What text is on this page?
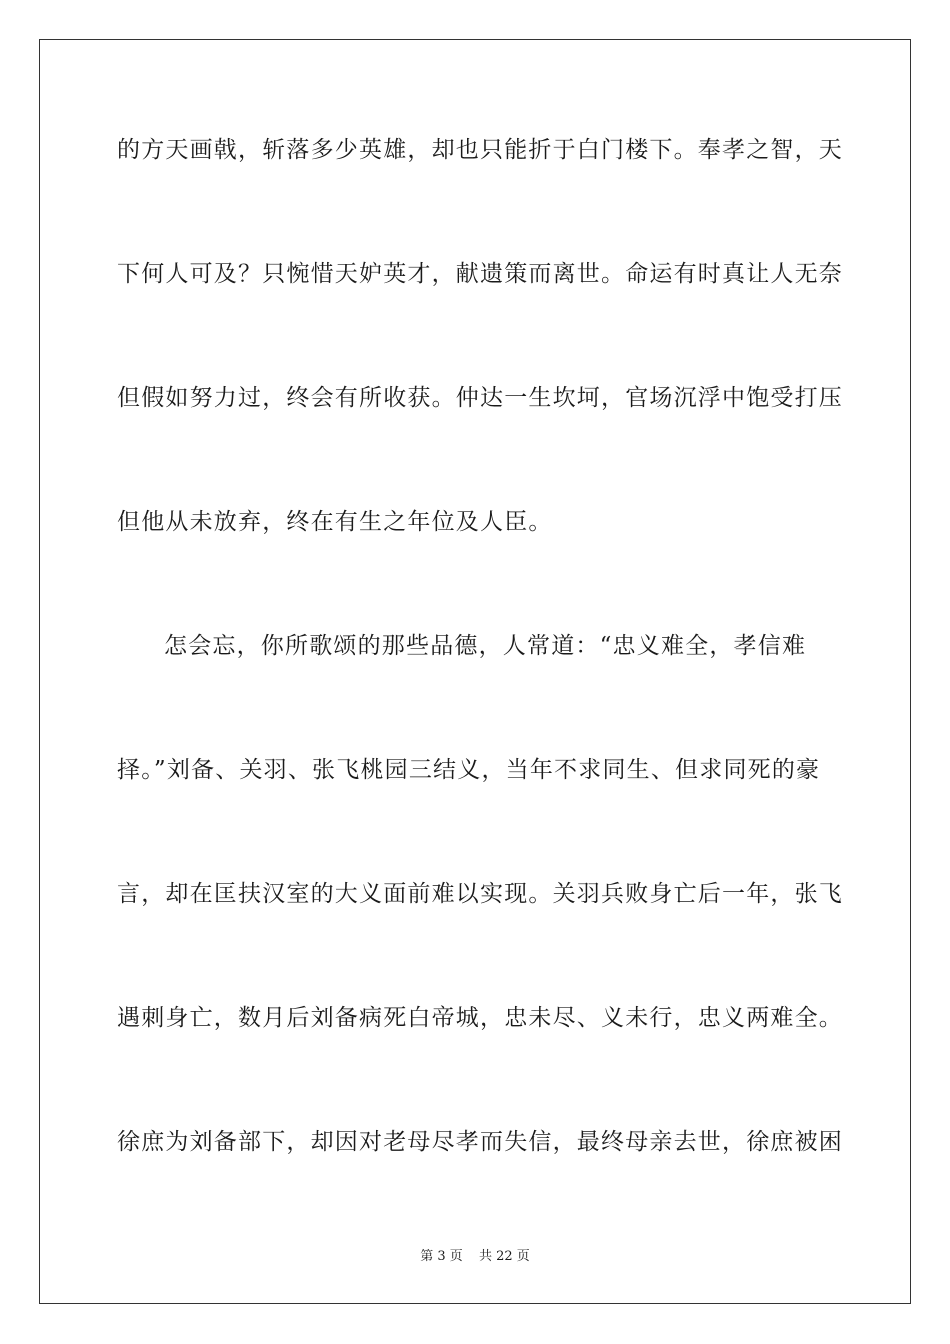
的方天画戟，斩落多少英雄，却也只能折于白门楼下。奉孝之智，天
下何人可及？只惋惜天妒英才，献遗策而离世。命运有时真让人无奈
但假如努力过，终会有所收获。仲达一生坎坷，官场沉浮中饱受打压
但他从未放弃，终在有生之年位及人臣。
怎会忘，你所歌颂的那些品德，人常道：“忠义难全，孝信难
择。”刘备、关羽、张飞桃园三结义，当年不求同生、但求同死的豪
言，却在匡扶汉室的大义面前难以实现。关羽兵败身亡后一年，张飞
遇刺身亡，数月后刘备病死白帝城，忠未尽、义未行，忠义两难全。
徐庶为刘备部下，却因对老母尽孝而失信，最终母亲去世，徐庶被困
第 3 页 共 22 页
